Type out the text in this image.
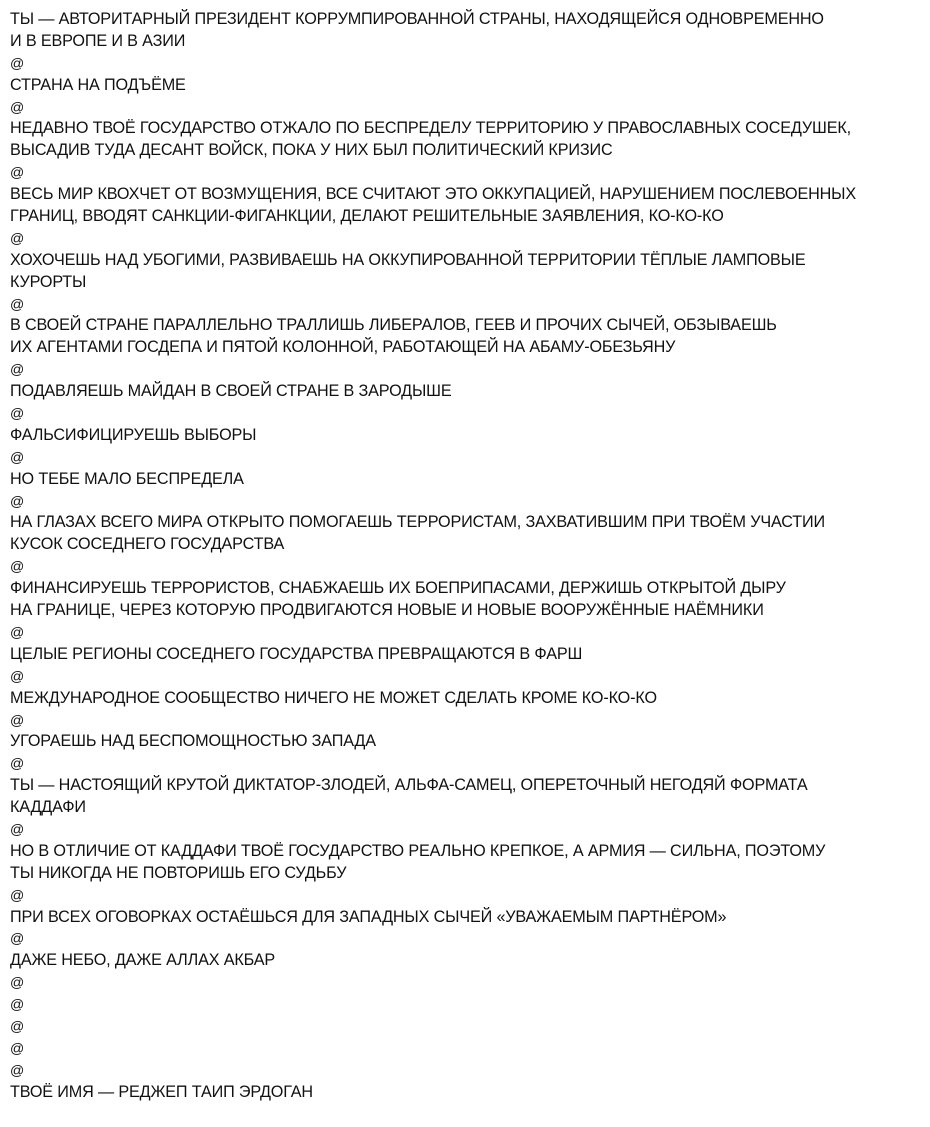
ТЫ — АВТОРИТАРНЫЙ ПРЕЗИДЕНТ КОРРУМПИРОВАННОЙ СТРАНЫ, НАХОДЯЩЕЙСЯ ОДНОВРЕМЕННО
И В ЕВРОПЕ И В АЗИИ
@
СТРАНА НА ПОДЪЁМЕ
@
НЕДАВНО ТВОЁ ГОСУДАРСТВО ОТЖАЛО ПО БЕСПРЕДЕЛУ ТЕРРИТОРИЮ У ПРАВОСЛАВНЫХ СОСЕДУШЕК,
ВЫСАДИВ ТУДА ДЕСАНТ ВОЙСК, ПОКА У НИХ БЫЛ ПОЛИТИЧЕСКИЙ КРИЗИС
@
ВЕСЬ МИР КВОХЧЕТ ОТ ВОЗМУЩЕНИЯ, ВСЕ СЧИТАЮТ ЭТО ОККУПАЦИЕЙ, НАРУШЕНИЕМ ПОСЛЕВОЕННЫХ
ГРАНИЦ, ВВОДЯТ САНКЦИИ-ФИГАНКЦИИ, ДЕЛАЮТ РЕШИТЕЛЬНЫЕ ЗАЯВЛЕНИЯ, КО-КО-КО
@
ХОХОЧЕШЬ НАД УБОГИМИ, РАЗВИВАЕШЬ НА ОККУПИРОВАННОЙ ТЕРРИТОРИИ ТЁПЛЫЕ ЛАМПОВЫЕ
КУРОРТЫ
@
В СВОЕЙ СТРАНЕ ПАРАЛЛЕЛЬНО ТРАЛЛИШЬ ЛИБЕРАЛОВ, ГЕЕВ И ПРОЧИХ СЫЧЕЙ, ОБЗЫВАЕШЬ
ИХ АГЕНТАМИ ГОСДЕПА И ПЯТОЙ КОЛОННОЙ, РАБОТАЮЩЕЙ НА АБАМУ-ОБЕЗЬЯНУ
@
ПОДАВЛЯЕШЬ МАЙДАН В СВОЕЙ СТРАНЕ В ЗАРОДЫШЕ
@
ФАЛЬСИФИЦИРУЕШЬ ВЫБОРЫ
@
НО ТЕБЕ МАЛО БЕСПРЕДЕЛА
@
НА ГЛАЗАХ ВСЕГО МИРА ОТКРЫТО ПОМОГАЕШЬ ТЕРРОРИСТАМ, ЗАХВАТИВШИМ ПРИ ТВОЁМ УЧАСТИИ
КУСОК СОСЕДНЕГО ГОСУДАРСТВА
@
ФИНАНСИРУЕШЬ ТЕРРОРИСТОВ, СНАБЖАЕШЬ ИХ БОЕПРИПАСАМИ, ДЕРЖИШЬ ОТКРЫТОЙ ДЫРУ
НА ГРАНИЦЕ, ЧЕРЕЗ КОТОРУЮ ПРОДВИГАЮТСЯ НОВЫЕ И НОВЫЕ ВООРУЖЁННЫЕ НАЁМНИКИ
@
ЦЕЛЫЕ РЕГИОНЫ СОСЕДНЕГО ГОСУДАРСТВА ПРЕВРАЩАЮТСЯ В ФАРШ
@
МЕЖДУНАРОДНОЕ СООБЩЕСТВО НИЧЕГО НЕ МОЖЕТ СДЕЛАТЬ КРОМЕ КО-КО-КО
@
УГОРАЕШЬ НАД БЕСПОМОЩНОСТЬЮ ЗАПАДА
@
ТЫ — НАСТОЯЩИЙ КРУТОЙ ДИКТАТОР-ЗЛОДЕЙ, АЛЬФА-САМЕЦ, ОПЕРЕТОЧНЫЙ НЕГОДЯЙ ФОРМАТА
КАДДАФИ
@
НО В ОТЛИЧИЕ ОТ КАДДАФИ ТВОЁ ГОСУДАРСТВО РЕАЛЬНО КРЕПКОЕ, А АРМИЯ — СИЛЬНА, ПОЭТОМУ
ТЫ НИКОГДА НЕ ПОВТОРИШЬ ЕГО СУДЬБУ
@
ПРИ ВСЕХ ОГОВОРКАХ ОСТАЁШЬСЯ ДЛЯ ЗАПАДНЫХ СЫЧЕЙ «УВАЖАЕМЫМ ПАРТНЁРОМ»
@
ДАЖЕ НЕБО, ДАЖЕ АЛЛАХ АКБАР
@
@
@
@
@
ТВОЁ ИМЯ — РЕДЖЕП ТАИП ЭРДОГАН
